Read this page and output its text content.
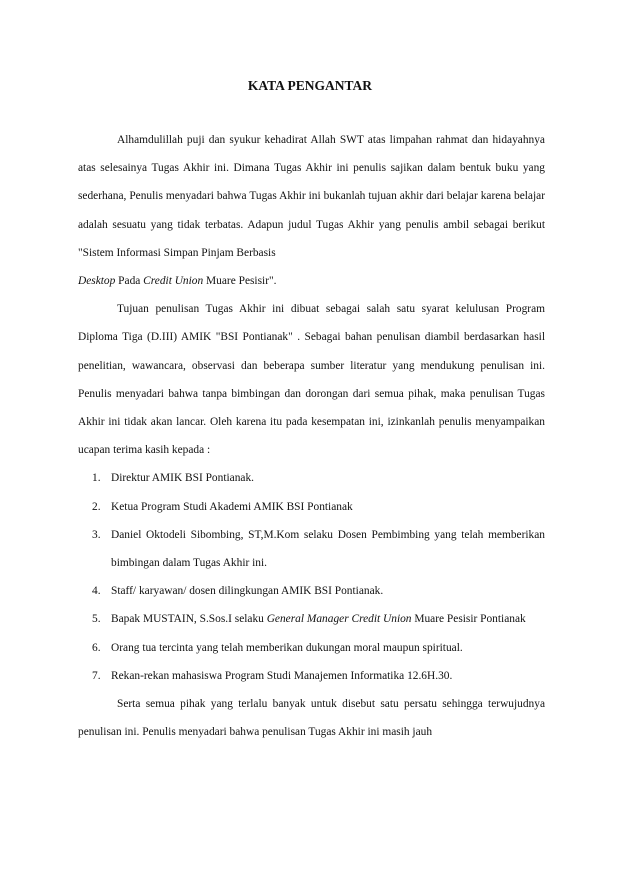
KATA PENGANTAR

Alhamdulillah puji dan syukur kehadirat Allah SWT atas limpahan rahmat dan hidayahnya atas selesainya Tugas Akhir ini. Dimana Tugas Akhir ini penulis sajikan dalam bentuk buku yang sederhana, Penulis menyadari bahwa Tugas Akhir ini bukanlah tujuan akhir dari belajar karena belajar adalah sesuatu yang tidak terbatas. Adapun judul Tugas Akhir yang penulis ambil sebagai berikut "Sistem Informasi Simpan Pinjam Berbasis
Desktop Pada Credit Union Muare Pesisir".

Tujuan penulisan Tugas Akhir ini dibuat sebagai salah satu syarat kelulusan Program Diploma Tiga (D.III) AMIK "BSI Pontianak" . Sebagai bahan penulisan diambil berdasarkan hasil penelitian, wawancara, observasi dan beberapa sumber literatur yang mendukung penulisan ini. Penulis menyadari bahwa tanpa bimbingan dan dorongan dari semua pihak, maka penulisan Tugas Akhir ini tidak akan lancar. Oleh karena itu pada kesempatan ini, izinkanlah penulis menyampaikan ucapan terima kasih kepada :

1. Direktur AMIK BSI Pontianak.
2. Ketua Program Studi Akademi AMIK BSI Pontianak
3. Daniel Oktodeli Sibombing, ST,M.Kom selaku Dosen Pembimbing yang telah memberikan bimbingan dalam Tugas Akhir ini.
4. Staff/ karyawan/ dosen dilingkungan AMIK BSI Pontianak.
5. Bapak MUSTAIN, S.Sos.I selaku General Manager Credit Union Muare Pesisir Pontianak
6. Orang tua tercinta yang telah memberikan dukungan moral maupun spiritual.
7. Rekan-rekan mahasiswa Program Studi Manajemen Informatika 12.6H.30.

Serta semua pihak yang terlalu banyak untuk disebut satu persatu sehingga terwujudnya penulisan ini. Penulis menyadari bahwa penulisan Tugas Akhir ini masih jauh
